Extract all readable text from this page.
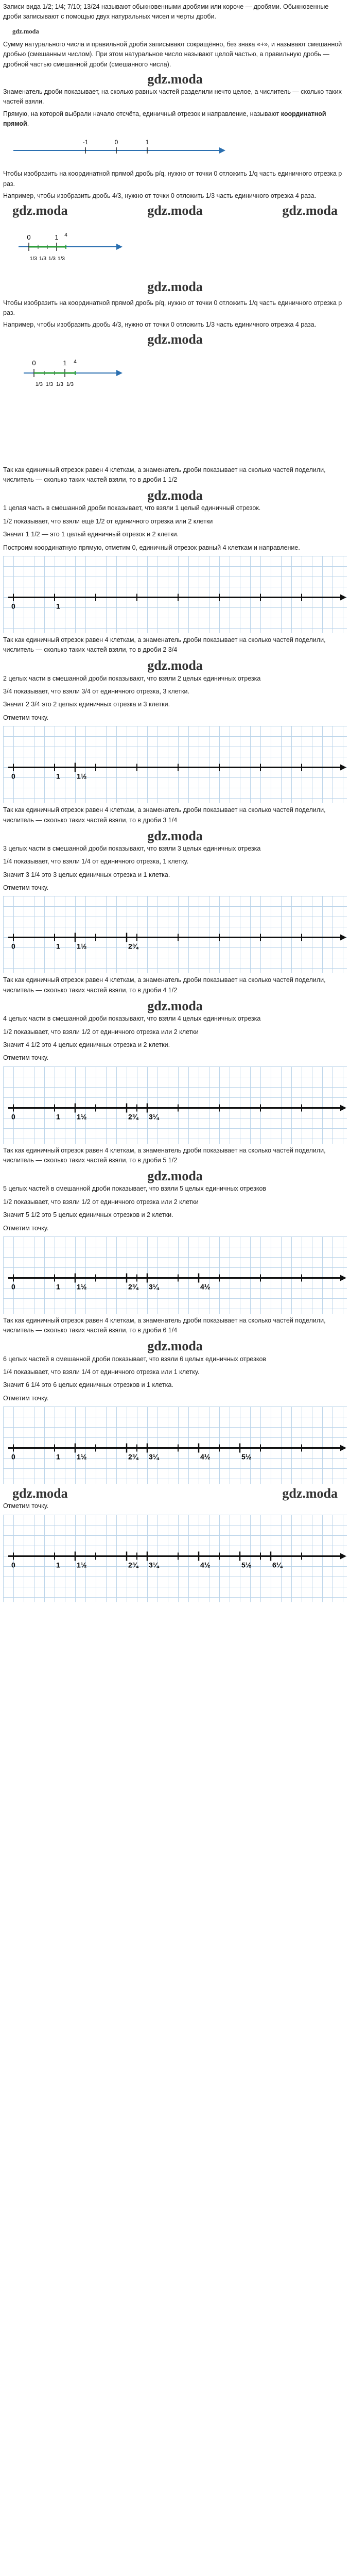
Записи вида 1/2; 1/4; 7/10; 13/24 называют обыкновенными дробями или короче — дробями. Обыкновенные дроби записывают с помощью двух натуральных чисел и черты дроби.

gdz.moda

Сумму натурального числа и правильной дроби записывают сокращённо, без знака «+», и называют смешанной дробью (смешанным числом). При этом натуральное число называют целой частью, а правильную дробь — дробной частью смешанной дроби (смешанного числа).

gdz.moda

Знаменатель дроби показывает, на сколько равных частей разделили нечто целое, а числитель — сколько таких частей взяли.

Прямую, на которой выбрали начало отсчёта, единичный отрезок и направление, называют координатной прямой.

-1	0	1

Чтобы изобразить на координатной прямой дробь p/q, нужно от точки 0 отложить 1/q часть единичного отрезка p раз.

Например, чтобы изобразить дробь 4/3, нужно от точки 0 отложить 1/3 часть единичного отрезка 4 раза.

gdz.moda	gdz.moda	gdz.moda
0	1 4
1/3 1/3 1/3 1/3
gdz.moda

Чтобы изобразить на координатной прямой дробь p/q, нужно от точки 0 отложить 1/q часть единичного отрезка p раз.

Например, чтобы изобразить дробь 4/3, нужно от точки 0 отложить 1/3 часть единичного отрезка 4 раза.

gdz.moda
0	1 4
1/3 1/3 1/3 1/3

Так как единичный отрезок равен 4 клеткам, а знаменатель дроби показывает на сколько частей поделили, числитель — сколько таких частей взяли, то в дроби 1 1/2

gdz.moda

1 целая часть в смешанной дроби показывает, что взяли 1 целый единичный отрезок.

1/2 показывает, что взяли ещё 1/2 от единичного отрезка или 2 клетки

Значит 1 1/2 — это 1 целый единичный отрезок и 2 клетки.

Построим координатную прямую, отметим 0, единичный отрезок равный 4 клеткам и направление.

0	1

Так как единичный отрезок равен 4 клеткам, а знаменатель дроби показывает на сколько частей поделили, числитель — сколько таких частей взяли, то в дроби 2 3/4

gdz.moda

2 целых части в смешанной дроби показывают, что взяли 2 целых единичных отрезка

3/4 показывает, что взяли 3/4 от единичного отрезка, 3 клетки.

Значит 2 3/4 это 2 целых единичных отрезка и 3 клетки.

Отметим точку.

0	1 1½

Так как единичный отрезок равен 4 клеткам, а знаменатель дроби показывает на сколько частей поделили, числитель — сколько таких частей взяли, то в дроби 3 1/4

gdz.moda

3 целых части в смешанной дроби показывают, что взяли 3 целых единичных отрезка

1/4 показывает, что взяли 1/4 от единичного отрезка, 1 клетку.

Значит 3 1/4 это 3 целых единичных отрезка и 1 клетка.

Отметим точку.

0	1 1½	2¾

Так как единичный отрезок равен 4 клеткам, а знаменатель дроби показывает на сколько частей поделили, числитель — сколько таких частей взяли, то в дроби 4 1/2

gdz.moda

4 целых части в смешанной дроби показывают, что взяли 4 целых единичных отрезка

1/2 показывает, что взяли 1/2 от единичного отрезка или 2 клетки

Значит 4 1/2 это 4 целых единичных отрезка и 2 клетки.

Отметим точку.

0	1 1½	2¾ 3¼

Так как единичный отрезок равен 4 клеткам, а знаменатель дроби показывает на сколько частей поделили, числитель — сколько таких частей взяли, то в дроби 5 1/2

gdz.moda

5 целых частей в смешанной дроби показывает, что взяли 5 целых единичных отрезков

1/2 показывает, что взяли 1/2 от единичного отрезка или 2 клетки

Значит 5 1/2 это 5 целых единичных отрезков и 2 клетки.

Отметим точку.

0	1 1½	2¾ 3¼	4½

Так как единичный отрезок равен 4 клеткам, а знаменатель дроби показывает на сколько частей поделили, числитель — сколько таких частей взяли, то в дроби 6 1/4

gdz.moda

6 целых частей в смешанной дроби показывает, что взяли 6 целых единичных отрезков

1/4 показывает, что взяли 1/4 от единичного отрезка или 1 клетку.

Значит 6 1/4 это 6 целых единичных отрезков и 1 клетка.

Отметим точку.

0	1 1½	2¾ 3¼	4½	5½
gdz.moda	gdz.moda

Отметим точку.

0	1 1½	2¾ 3¼	4½	5½	6¼
